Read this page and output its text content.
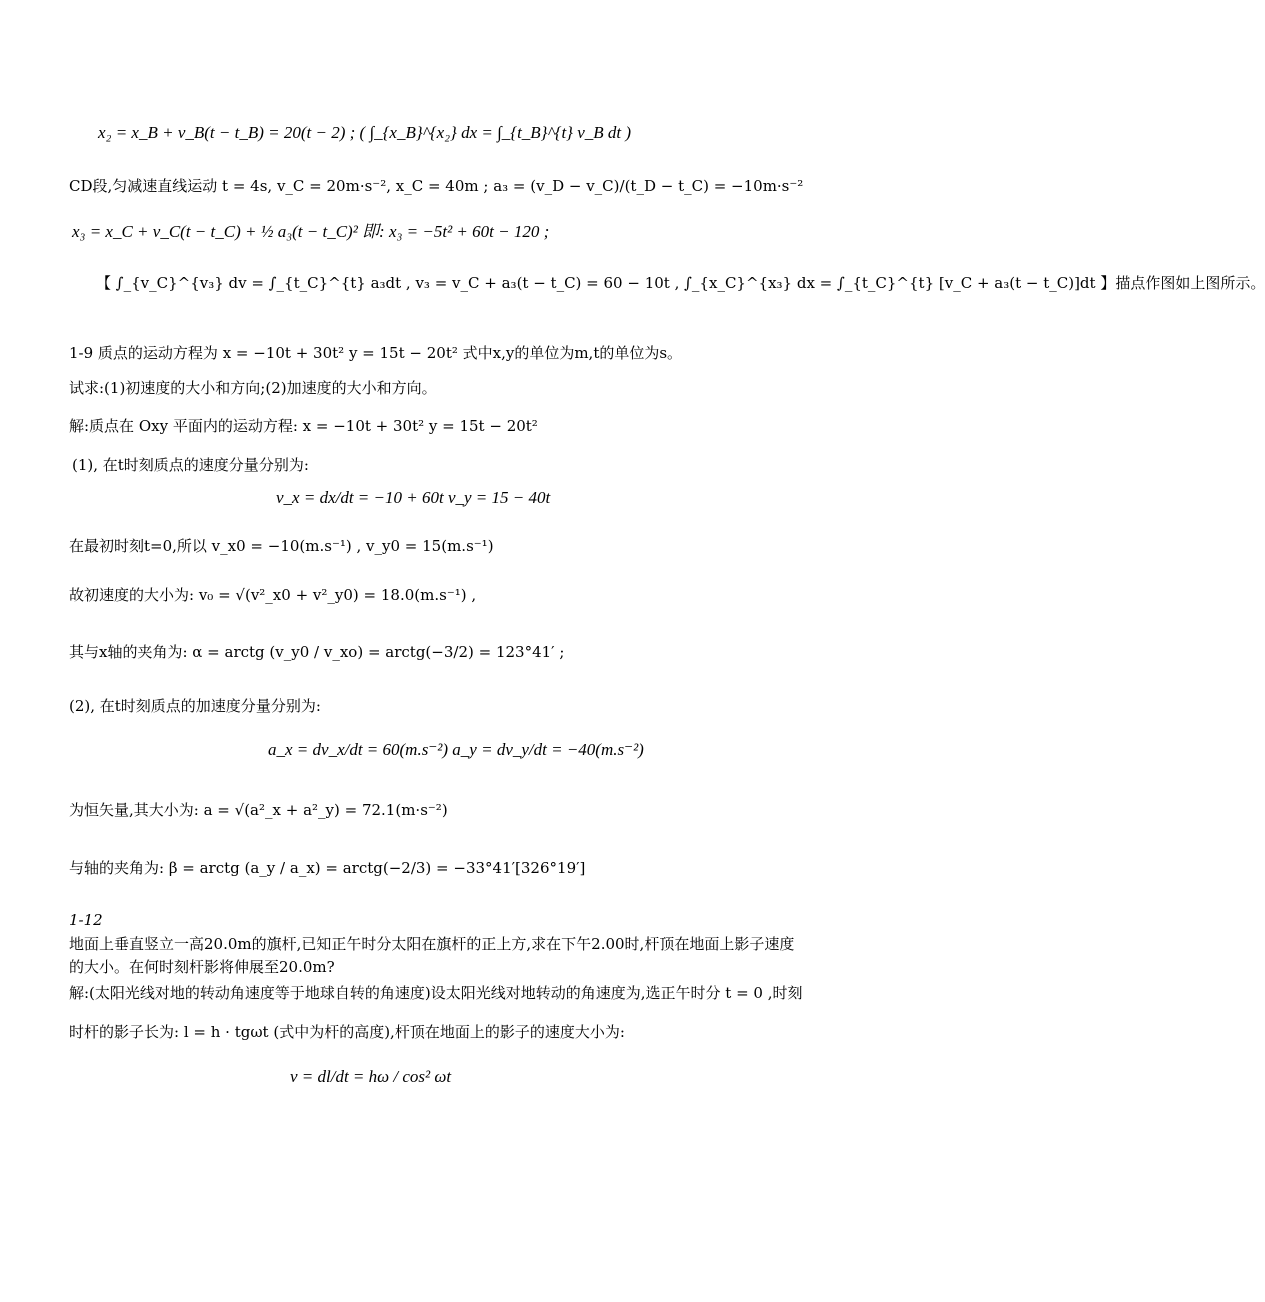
x₂ = x_B + v_B(t − t_B) = 20(t − 2) ; ( ∫_{x_B}^{x₂} dx = ∫_{t_B}^{t} v_B dt )
CD段,匀减速直线运动 t = 4s, v_C = 20m·s⁻², x_C = 40m ; a₃ = (v_D − v_C)/(t_D − t_C) = −10m·s⁻²
x₃ = x_C + v_C(t − t_C) + ½ a₃(t − t_C)² 即: x₃ = −5t² + 60t − 120 ;
【 ∫_{v_C}^{v₃} dv = ∫_{t_C}^{t} a₃dt , v₃ = v_C + a₃(t − t_C) = 60 − 10t , ∫_{x_C}^{x₃} dx = ∫_{t_C}^{t} [v_C + a₃(t − t_C)]dt 】描点作图如上图所示。
1-9 质点的运动方程为 x = −10t + 30t² y = 15t − 20t² 式中x,y的单位为m,t的单位为s。
试求:(1)初速度的大小和方向;(2)加速度的大小和方向。
解:质点在 Oxy 平面内的运动方程: x = −10t + 30t² y = 15t − 20t²
(1), 在t时刻质点的速度分量分别为:
v_x = dx/dt = −10 + 60t v_y = 15 − 40t
在最初时刻t=0,所以 v_x0 = −10(m.s⁻¹) , v_y0 = 15(m.s⁻¹)
故初速度的大小为: v₀ = √(v²_x0 + v²_y0) = 18.0(m.s⁻¹) ,
其与x轴的夹角为: α = arctg (v_y0 / v_xo) = arctg(−3/2) = 123°41′ ;
(2), 在t时刻质点的加速度分量分别为:
a_x = dv_x/dt = 60(m.s⁻²) a_y = dv_y/dt = −40(m.s⁻²)
为恒矢量,其大小为: a = √(a²_x + a²_y) = 72.1(m·s⁻²)
与轴的夹角为: β = arctg (a_y / a_x) = arctg(−2/3) = −33°41′[326°19′]
1-12
地面上垂直竖立一高20.0m的旗杆,已知正午时分太阳在旗杆的正上方,求在下午2.00时,杆顶在地面上影子速度
的大小。在何时刻杆影将伸展至20.0m?
解:(太阳光线对地的转动角速度等于地球自转的角速度)设太阳光线对地转动的角速度为,选正午时分 t = 0 ,时刻
时杆的影子长为: l = h · tgωt (式中为杆的高度),杆顶在地面上的影子的速度大小为:
v = dl/dt = hω / cos² ωt
